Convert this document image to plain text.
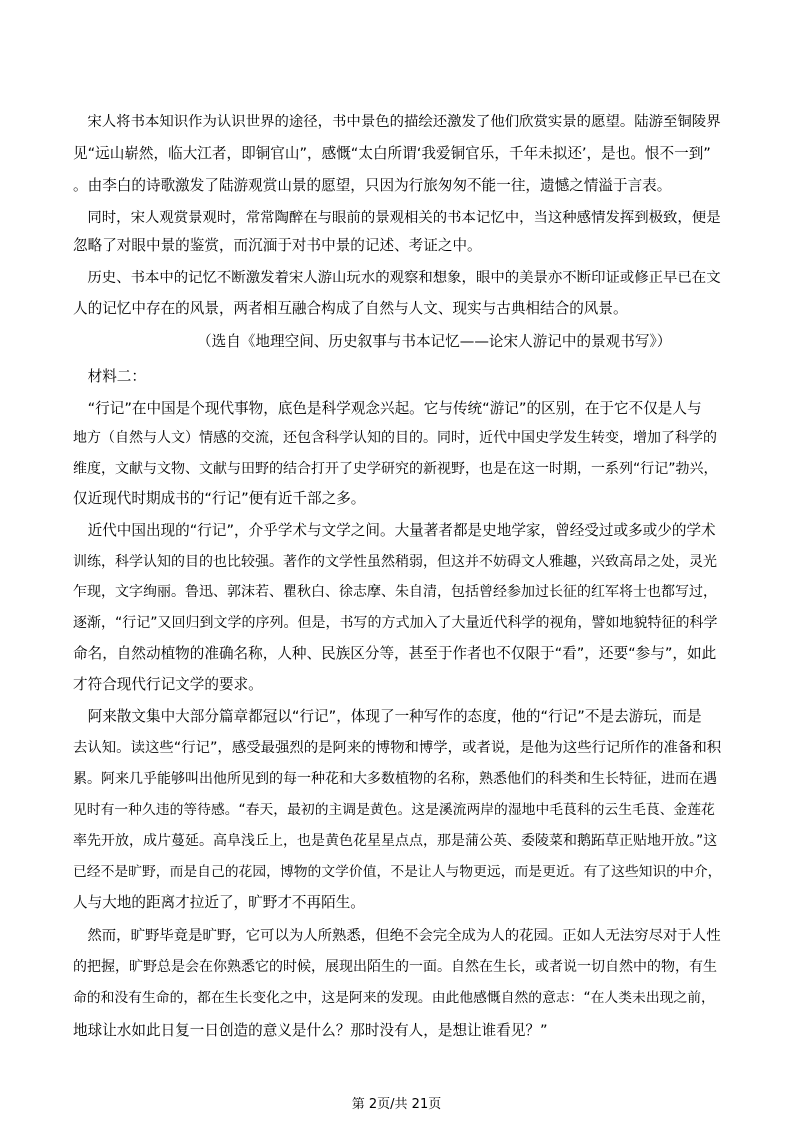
　宋人将书本知识作为认识世界的途径，书中景色的描绘还激发了他们欣赏实景的愿望。陆游至铜陵界
见“远山崭然，临大江者，即铜官山”，感慨“太白所谓‘我爱铜官乐，千年未拟还’，是也。恨不一到”
。由李白的诗歌激发了陆游观赏山景的愿望，只因为行旅匆匆不能一往，遗憾之情溢于言表。
　同时，宋人观赏景观时，常常陶醉在与眼前的景观相关的书本记忆中，当这种感情发挥到极致，便是
忽略了对眼中景的鉴赏，而沉湎于对书中景的记述、考证之中。
　历史、书本中的记忆不断激发着宋人游山玩水的观察和想象，眼中的美景亦不断印证或修正早已在文
人的记忆中存在的风景，两者相互融合构成了自然与人文、现实与古典相结合的风景。
　　　　　　　　　（选自《地理空间、历史叙事与书本记忆——论宋人游记中的景观书写》）
　材料二：
　“行记”在中国是个现代事物，底色是科学观念兴起。它与传统“游记”的区别，在于它不仅是人与
地方（自然与人文）情感的交流，还包含科学认知的目的。同时，近代中国史学发生转变，增加了科学的
维度，文献与文物、文献与田野的结合打开了史学研究的新视野，也是在这一时期，一系列“行记”勃兴，
仅近现代时期成书的“行记”便有近千部之多。
　近代中国出现的“行记”，介乎学术与文学之间。大量著者都是史地学家，曾经受过或多或少的学术
训练，科学认知的目的也比较强。著作的文学性虽然稍弱，但这并不妨碍文人雅趣，兴致高昂之处，灵光
乍现，文字绚丽。鲁迅、郭沫若、瞿秋白、徐志摩、朱自清，包括曾经参加过长征的红军将士也都写过，
逐渐，“行记”又回归到文学的序列。但是，书写的方式加入了大量近代科学的视角，譬如地貌特征的科学
命名，自然动植物的准确名称，人种、民族区分等，甚至于作者也不仅限于“看”，还要“参与”，如此
才符合现代行记文学的要求。
　阿来散文集中大部分篇章都冠以“行记”，体现了一种写作的态度，他的“行记”不是去游玩，而是
去认知。读这些“行记”，感受最强烈的是阿来的博物和博学，或者说，是他为这些行记所作的准备和积
累。阿来几乎能够叫出他所见到的每一种花和大多数植物的名称，熟悉他们的科类和生长特征，进而在遇
见时有一种久违的等待感。“春天，最初的主调是黄色。这是溪流两岸的湿地中毛茛科的云生毛茛、金莲花
率先开放，成片蔓延。高阜浅丘上，也是黄色花星星点点，那是蒲公英、委陵菜和鹅跖草正贴地开放。”这
已经不是旷野，而是自己的花园，博物的文学价值，不是让人与物更远，而是更近。有了这些知识的中介，
人与大地的距离才拉近了，旷野才不再陌生。
　然而，旷野毕竟是旷野，它可以为人所熟悉，但绝不会完全成为人的花园。正如人无法穷尽对于人性
的把握，旷野总是会在你熟悉它的时候，展现出陌生的一面。自然在生长，或者说一切自然中的物，有生
命的和没有生命的，都在生长变化之中，这是阿来的发现。由此他感慨自然的意志：“在人类未出现之前，
地球让水如此日复一日创造的意义是什么？那时没有人，是想让谁看见？”
第 2页/共 21页
